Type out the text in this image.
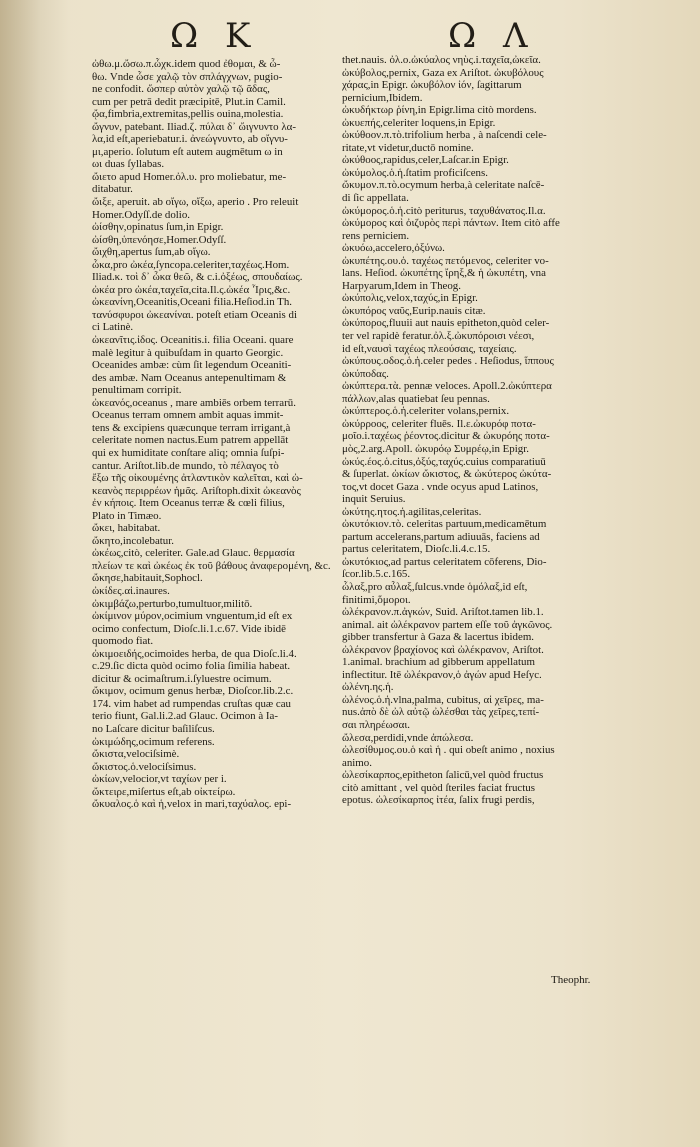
Ω K	Ω Λ
ὠθω.μ.ὤσω.π.ὦχκ.idem quod ἐθομαι, & ὦ-
θω. Vnde ὦσε χαλῷ τὸν σπλάγχνων, pugio-
ne confodit. ὥσπερ αὐτὸν χαλῷ τῷ ᾶδας,
cum per petrā dedit præcipitē, Plut.in Camil.
ᾤα,fimbria,extremitas,pellis ouina,molestia.
ὤγνυν, patebant. Iliad.ζ. πύλαι δ᾽ ὤιγνυντο λα-
λα,id eſt,aperiebatur.i. ἀνεώγνυντο, ab οἴγνυ-
μι,aperio. ſolutum eſt autem augmētum ω in
ωι duas ſyllabas.
ὤιετο apud Homer.ὀλ.υ. pro moliebatur, me-
ditabatur.
ὤιξε, aperuit. ab οἴγω, οἴξω, aperio . Pro releuit
Homer.Odyſſ.de dolio.
ὠίσθην,opinatus ſum,in Epigr.
ὠίσθη,ὑπενόησε,Homer.Odyſſ.
ὤιχθη,apertus ſum,ab οἴγω.
ὦκα,pro ὠκέα,ſyncopa.celeriter,ταχέως.Hom.
Iliad.κ. τοὶ δ᾽ ὦκα θεῶ, & c.i.ὀξέως, σπουδαίως.
ὠκέα pro ὠκέα,ταχεῖα,cita.Il.ς.ὠκέα Ἶρις,&c.
ὠκεανίνη,Oceanitis,Oceani filia.Heſiod.in Th.
τανύσφυροι ὠκεανίναι. poteſt etiam Oceanis di
ci Latinè.
ὠκεανῖτις.ἰδος. Oceanitis.i. filia Oceani. quare
malè legitur à quibuſdam in quarto Georgic.
Oceanides ambæ: cùm ſit legendum Oceaniti-
des ambæ. Nam Oceanus antepenultimam &
penultimam corripit.
ὠκεανός,oceanus , mare ambiēs orbem terrarū.
Oceanus terram omnem ambit aquas immit-
tens & excipiens quæcunque terram irrigant,à
celeritate nomen nactus.Eum patrem appellāt
qui ex humiditate conſtare aliq; omnia ſuſpi-
cantur. Ariſtot.lib.de mundo, τὸ πέλαγος τὸ
ἔξω τῆς οἰκουμένης ἀτλαντικὸν καλεῖται, καὶ ὠ-
κεανὸς περιρρέων ἡμᾶς. Ariſtoph.dixit ὠκεανὸς
ἐν κήποις. Item Oceanus terræ & cœli filius,
Plato in Timæo.
ὤκει, habitabat.
ὤκητο,incolebatur.
ὠκέως,citò, celeriter. Gale.ad Glauc. θερμασία
πλείων τε καὶ ὠκέως ἐκ τοῦ βάθους ἀναφερομένη, &c.
ὤκησε,habitauit,Sophocl.
ὠκίδες.αἱ.inaures.
ὠκιμβάζω,perturbo,tumultuor,militō.
ὠκίμινον μύρον,ocimium vnguentum,id eſt ex
ocimo confectum, Dioſc.li.1.c.67. Vide ibidē
quomodo fiat.
ὠκιμοειδής,ocimoides herba, de qua Dioſc.li.4.
c.29.ſic dicta quòd ocimo folia ſimilia habeat.
dicitur & ocimaſtrum.i.ſyluestre ocimum.
ὤκιμον, ocimum genus herbæ, Dioſcor.lib.2.c.
174. vim habet ad rumpendas cruſtas quæ cau
terio fiunt, Gal.li.2.ad Glauc. Ocimon à Ia-
no Laſcare dicitur baſiliſcus.
ὠκιμώδης,ocimum referens.
ὤκιστα,velociſsimè.
ὤκιστος.ὁ.velociſsimus.
ὠκίων,velocior,vt ταχίων per i.
ὤκτειρε,miſertus eſt,ab οἰκτείρω.
ὤκυαλος.ὁ καὶ ἡ,velox in mari,ταχύαλος. epi-
thet.nauis. ὀλ.ο.ὠκύαλος νηὺς.i.ταχεῖα,ὠκεῖα.
ὠκύβολος,pernix, Gaza ex Ariſtot. ὠκυβόλους
χάρας,in Epigr. ὠκυβόλον ἰόν, ſagittarum
pernicium,Ibidem.
ὠκυδήκτωρ ῥίνη,in Epigr.lima citò mordens.
ὠκυεπής,celeriter loquens,in Epigr.
ὠκύθοον.π.τὸ.trifolium herba , à naſcendi cele-
ritate,vt videtur,ductō nomine.
ὠκύθοος,rapidus,celer,Laſcar.in Epigr.
ὠκύμολος.ὁ.ἡ.ſtatim proficiſcens.
ὤκυμον.π.τὸ.ocymum herba,à celeritate naſcē-
di ſic appellata.
ὠκύμορος.ὁ.ἡ.citò periturus, ταχυθάνατος.Il.α.
ὠκύμορος καὶ ὀιζυρὸς περὶ πάντων. Item citò affe
rens perniciem.
ὠκυόω,accelero,ὀξύνω.
ὠκυπέτης.ου.ὁ. ταχέως πετόμενος, celeriter vo-
lans. Heſiod. ὠκυπέτης ἴρηξ,& ἡ ὠκυπέτη, vna
Harpyarum,Idem in Theog.
ὠκύπολις,velox,ταχύς,in Epigr.
ὠκυπόρος ναῦς,Eurip.nauis citæ.
ὠκύπορος,fluuii aut nauis epitheton,quòd celer-
ter vel rapidè feratur.ὀλ.ξ.ὠκυπόροισι νέεσι,
id eſt,ναυσὶ ταχέως πλεούσαις, ταχείαις.
ὠκύπους.οδος.ὁ.ἡ.celer pedes . Heſiodus, ἵππους
ὠκύποδας.
ὠκύπτερα.τὰ. pennæ veloces. Apoll.2.ὠκύπτερα
πάλλων,alas quatiebat ſeu pennas.
ὠκύπτερος.ὁ.ἡ.celeriter volans,pernix.
ὠκύρροος, celeriter fluēs. Il.ε.ὠκυρόφ ποτα-
μοῖο.i.ταχέως ῥέοντος.dicitur & ὠκυρόης ποτα-
μὸς,2.arg.Apoll. ὠκυρόῳ Συμρέῳ,in Epigr.
ὠκύς.έος.ὁ.citus,ὀξύς,ταχύς.cuius comparatiuū
& ſuperlat. ὠκίων ὤκιστος, & ὠκύτερος ὠκύτα-
τος,vt docet Gaza . vnde ocyus apud Latinos,
inquit Seruius.
ὠκύτης.ητος.ἡ.agilitas,celeritas.
ὠκυτόκιον.τὸ. celeritas partuum,medicamētum
partum accelerans,partum adiuuās, faciens ad
partus celeritatem, Dioſc.li.4.c.15.
ὠκυτόκιος,ad partus celeritatem cōferens, Dio-
ſcor.lib.5.c.165.
ὦλαξ,pro αὖλαξ,ſulcus.vnde ὁμόλαξ,id eſt,
finitimi,ὅμοροι.
ὠλέκρανον.π.ἀγκών, Suid. Ariſtot.tamen lib.1.
animal. ait ὠλέκρανον partem eſſe τοῦ ἀγκῶνος.
gibber transfertur à Gaza & lacertus ibidem.
ὠλέκρανον βραχίονος καὶ ὠλέκρανον, Ariſtot.
1.animal. brachium ad gibberum appellatum
inflectitur. Itē ὠλέκρανον,ὁ ἀγών apud Heſyc.
ὠλένη.ης.ἡ.
ὠλένος.ὁ.ἡ.vlna,palma, cubitus, αἱ χεῖρες, ma-
nus.ἀπὸ δὲ ὠλ αὐτῷ ὠλέσθαι τὰς χεῖρες,τεπί-
σαι πληρέωσαι.
ὤλεσα,perdidi,vnde ἀπώλεσα.
ὠλεσίθυμος.ου.ὁ καὶ ἡ . qui obeſt animo , noxius
animo.
ὠλεσίκαρπος,epitheton ſalicū,vel quòd fructus
citò amittant , vel quòd ſteriles faciat fructus
epotus. ὠλεσίκαρπος ἰτέα, ſalix frugi perdis,
Theophr.
